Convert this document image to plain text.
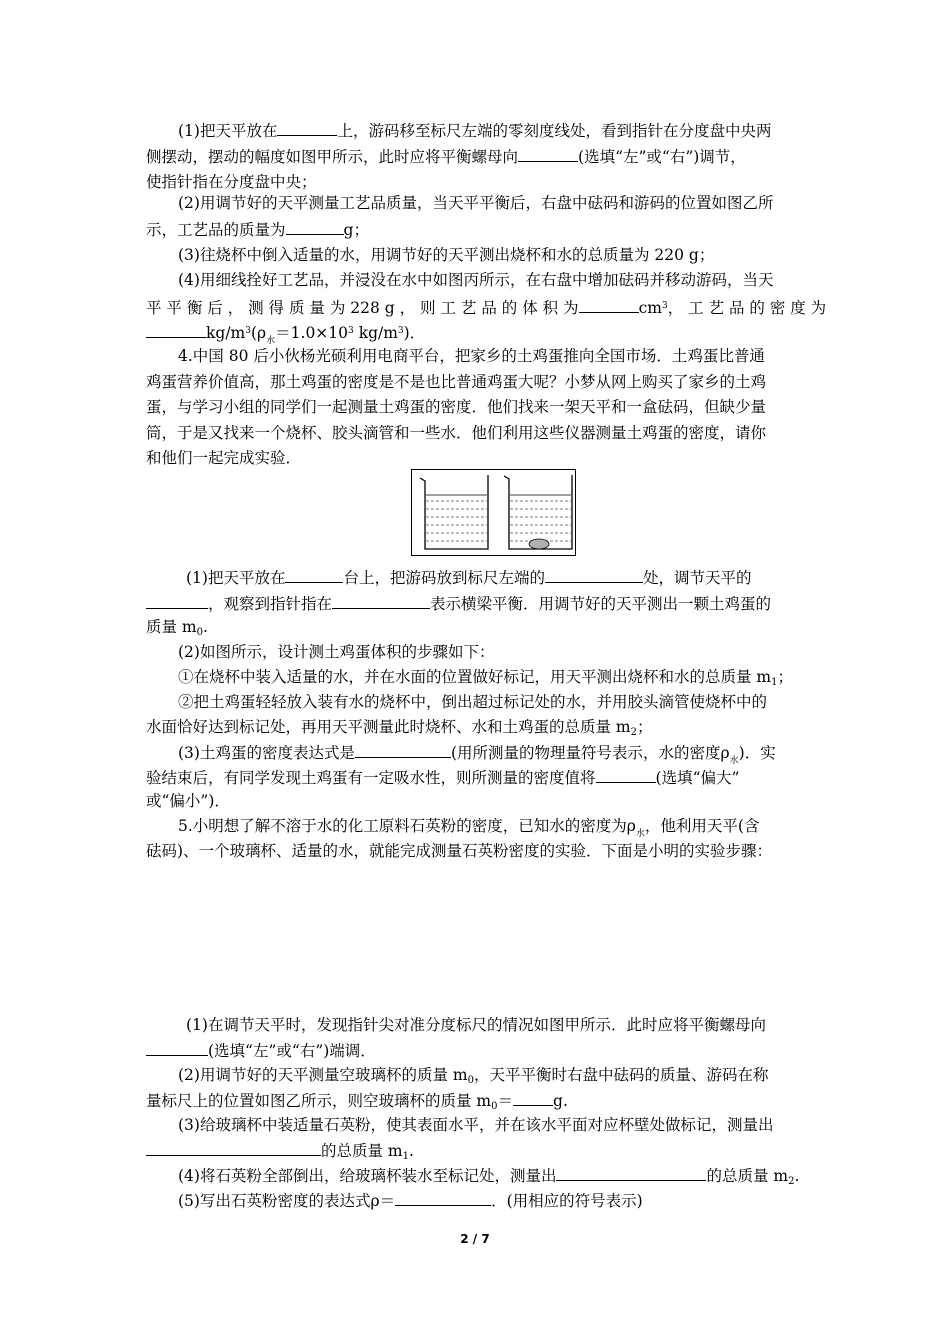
(1)把天平放在	上，游码移至标尺左端的零刻度线处，看到指针在分度盘中央两
侧摆动，摆动的幅度如图甲所示，此时应将平衡螺母向	(选填“左”或“右”)调节，
使指针指在分度盘中央；
(2)用调节好的天平测量工艺品质量，当天平平衡后，右盘中砝码和游码的位置如图乙所
示，工艺品的质量为	g；
(3)往烧杯中倒入适量的水，用调节好的天平测出烧杯和水的总质量为 220 g；
(4)用细线拴好工艺品，并浸没在水中如图丙所示，在右盘中增加砝码并移动游码，当天
平 平 衡 后 ， 测 得 质 量 为 228 g ， 则 工 艺 品 的 体 积 为	$cm^3$， 工 艺 品 的 密 度 为
$kg/m^3(\rho_水=1.0\times 10^3$ $kg/m^3$)．
4.中国 80 后小伙杨光硕利用电商平台，把家乡的土鸡蛋推向全国市场．土鸡蛋比普通
鸡蛋营养价值高，那土鸡蛋的密度是不是也比普通鸡蛋大呢？小梦从网上购买了家乡的土鸡
蛋，与学习小组的同学们一起测量土鸡蛋的密度．他们找来一架天平和一盒砝码，但缺少量
筒，于是又找来一个烧杯、胶头滴管和一些水．他们利用这些仪器测量土鸡蛋的密度，请你
和他们一起完成实验．
(1)把天平放在	台上，把游码放到标尺左端的	处，调节天平的
，观察到指针指在	表示横梁平衡．用调节好的天平测出一颗土鸡蛋的
质量 $m_0$.
(2)如图所示，设计测土鸡蛋体积的步骤如下：
①在烧杯中装入适量的水，并在水面的位置做好标记，用天平测出烧杯和水的总质量 $m_1$；
②把土鸡蛋轻轻放入装有水的烧杯中，倒出超过标记处的水，并用胶头滴管使烧杯中的
水面恰好达到标记处，再用天平测量此时烧杯、水和土鸡蛋的总质量 $m_2$；
(3)土鸡蛋的密度表达式是	(用所测量的物理量符号表示，水的密度$\rho_水$)．实
验结束后，有同学发现土鸡蛋有一定吸水性，则所测量的密度值将	(选填“偏大”
或“偏小”)．
5.小明想了解不溶于水的化工原料石英粉的密度，已知水的密度为$\rho_水$，他利用天平(含
砝码)、一个玻璃杯、适量的水，就能完成测量石英粉密度的实验．下面是小明的实验步骤：
(1)在调节天平时，发现指针尖对准分度标尺的情况如图甲所示．此时应将平衡螺母向
(选填“左”或“右”)端调．
(2)用调节好的天平测量空玻璃杯的质量 $m_0$，天平平衡时右盘中砝码的质量、游码在称
量标尺上的位置如图乙所示，则空玻璃杯的质量 $m_0=$	g.
(3)给玻璃杯中装适量石英粉，使其表面水平，并在该水平面对应杯壁处做标记，测量出
的总质量 $m_1$.
(4)将石英粉全部倒出，给玻璃杯装水至标记处，测量出	的总质量 $m_2$.
(5)写出石英粉密度的表达式ρ＝	．(用相应的符号表示)
2 / 7
